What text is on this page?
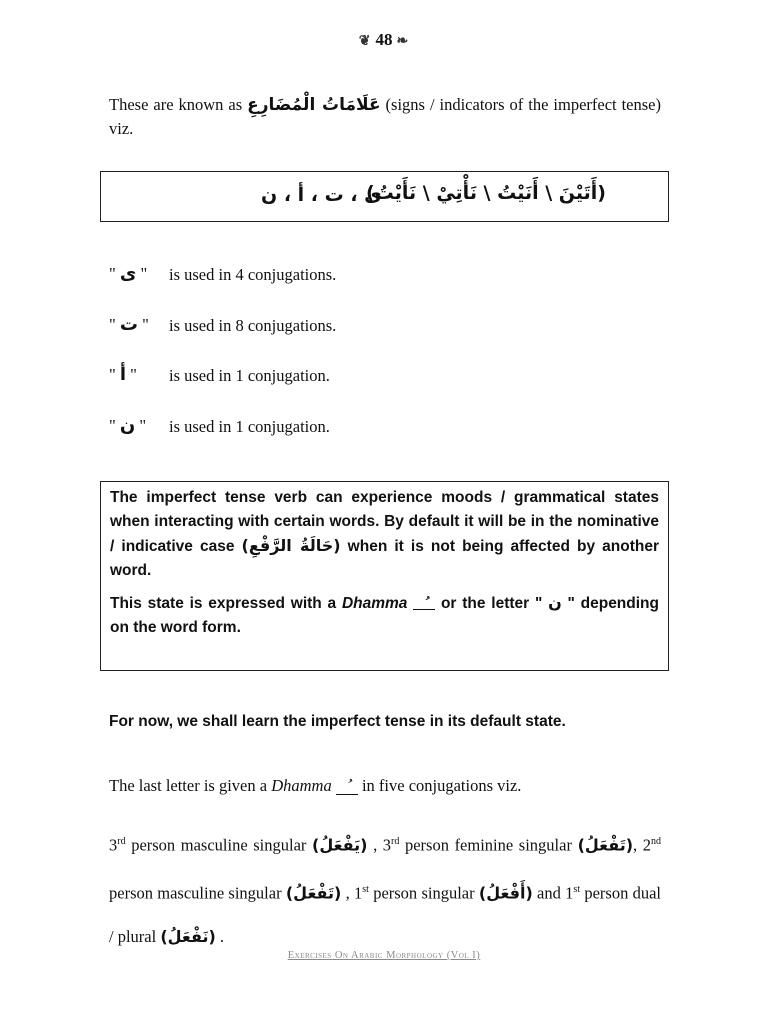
❦ 48 ❧
These are known as عَلَامَاتُ الْمُضَارِعِ (signs / indicators of the imperfect tense) viz.
ى ، ت ، أ ، ن
(أَتَيْنَ \ أَنَيْتُ \ نَأْتِيْ \ نَأَيْتُ)
" ى " is used in 4 conjugations.
" ت " is used in 8 conjugations.
" أ " is used in 1 conjugation.
" ن " is used in 1 conjugation.

The imperfect tense verb can experience moods / grammatical states when interacting with certain words. By default it will be in the nominative / indicative case (حَالَةُ الرَّفْعِ) when it is not being affected by another word.

This state is expressed with a Dhamma  or the letter " ن " depending on the word form.

For now, we shall learn the imperfect tense in its default state.
The last letter is given a Dhamma  in five conjugations viz.
3rd person masculine singular (يَفْعَلُ) , 3rd person feminine singular (تَفْعَلُ), 2nd person masculine singular (تَفْعَلُ) , 1st person singular (أَفْعَلُ) and 1st person dual / plural (نَفْعَلُ) .
Exercises On Arabic Morphology (Vol I)
